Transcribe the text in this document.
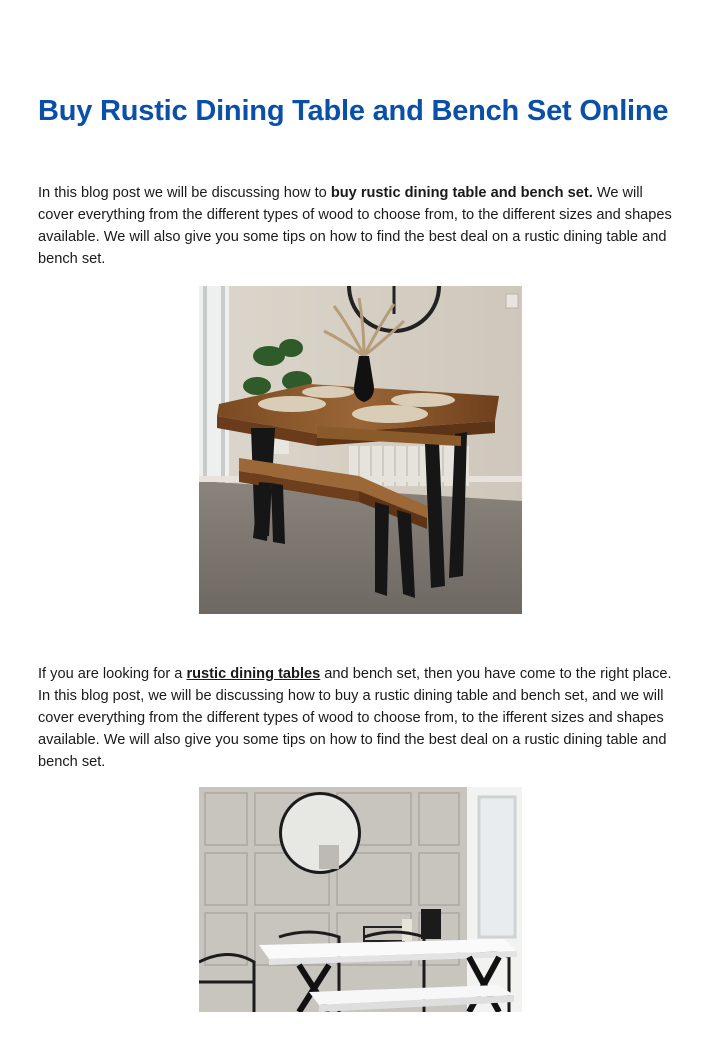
Buy Rustic Dining Table and Bench Set Online

In this blog post we will be discussing how to buy rustic dining table and bench set. We will cover everything from the different types of wood to choose from, to the different sizes and shapes available. We will also give you some tips on how to find the best deal on a rustic dining table and bench set.

If you are looking for a rustic dining tables and bench set, then you have come to the right place. In this blog post, we will be discussing how to buy a rustic dining table and bench set, and we will cover everything from the different types of wood to choose from, to the ifferent sizes and shapes available. We will also give you some tips on how to find the best deal on a rustic dining table and bench set.
